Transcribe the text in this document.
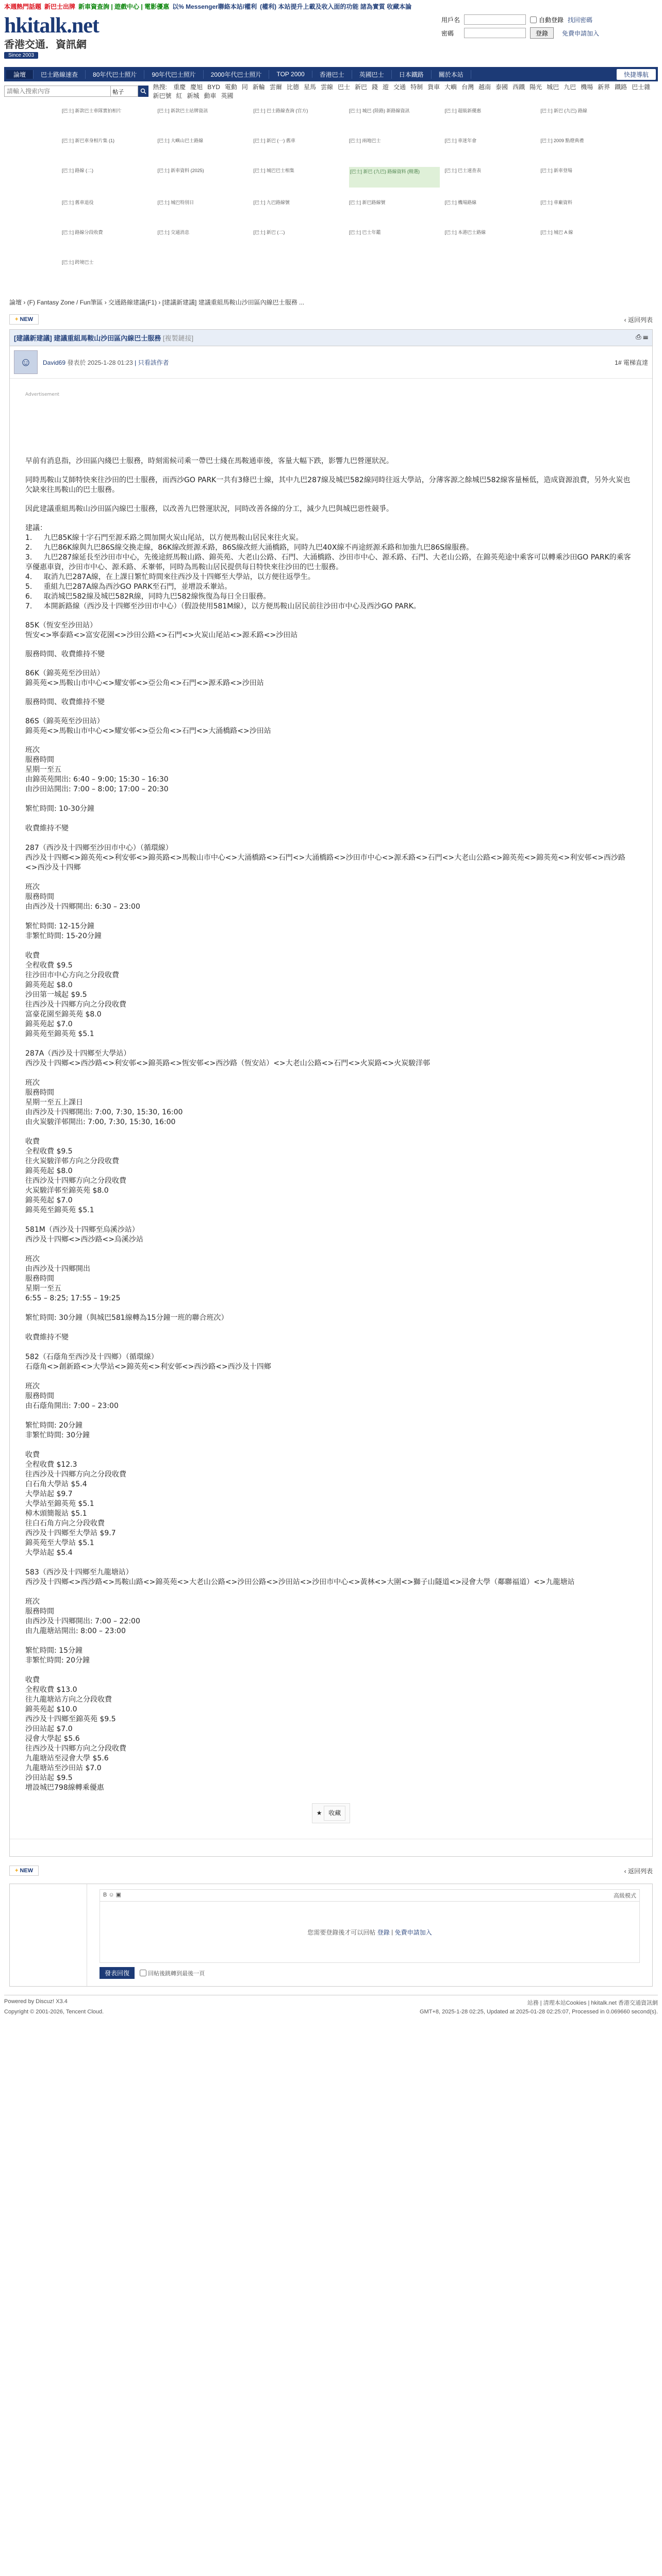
本週熱門話題 新巴士出牌 新車資查詢 | 遊戲中心 | 電影優惠 以% Messenger聯絡本站/權利 (權利) 本站提升上載及收入面的功能 諸為實質 收藏本論
hkitalk.net
香港交通．資訊網
Since 2003
用戶名	自動登錄 找回密碼
密碼	登錄	免費申請加入
論壇	巴士路線速查	80年代巴士照片	90年代巴士照片	2000年代巴士照片	TOP 2000	香港巴士	英國巴士	日本鐵路	關於本站	快捷導航
請輸入搜索內容
帖子
熱搜: 重慶 慶旭 BYD 電動 同 新輪 雲爾 比德 星馬 雲線 巴士 新巴 錢 遊 交通 特制 貨車 大嶼 台灣 越南 泰國 西鐵 陽光 城巴 九巴 機場 新界 鐵路 巴士雜新巴號 紅 新城 動車 英國
[巴士] 新款巴士車隊實拍相片	[巴士] 新款巴士站牌資訊	[巴士] 巴士路線查詢 (官方)	[巴士] 城巴 (陸路) 新路線資訊	[巴士] 超級新優惠	[巴士] 新巴 (九巴) 路線
[巴士] 新巴車身相片集 (1)	[巴士] 大嶼山巴士路線	[巴士] 新巴 (一) 舊車	[巴士] 兩地巴士	[巴士] 車迷年會	[巴士] 2009 點燈典禮
[巴士] 路線 (二)	[巴士] 新車資料 (2025)	[巴士] 城巴巴士相集	[巴士] 新巴 (九巴) 路線資料 (精選)	[巴士] 巴士速查表	[巴士] 新車登場
[巴士] 舊車退役	[巴士] 城巴特別日	[巴士] 九巴路線號	[巴士] 新巴路線號	[巴士] 機場路線	[巴士] 車廠資料
[巴士] 路線分段收費	[巴士] 交通消息	[巴士] 新巴 (二)	[巴士] 巴士年鑑	[巴士] 本港巴士路線	[巴士] 城巴 A 線
[巴士] 跨境巴士
論壇 › (F) Fantasy Zone / Fun筆區 › 交通路線建議(F1) › [建議新建議] 建議重組馬鞍山沙田區內線巴士服務 ...
+ NEW	‹ 返回列表
[建議新建議] 建議重組馬鞍山沙田區內線巴士服務 [複製鏈接]	⎙ ☰
☺	David69 發表於 2025-1-28 01:23 | 只看該作者	1# 電梯直達
Advertisement

早前有消息指，沙田區內綫巴士服務，時刻需候司乘一帶巴士綫在馬鞍通車後，客量大幅下跌，影響九巴營運狀況。

同時馬鞍山艾師特快來往沙田的巴士服務，而西沙GO PARK一共有3條巴士線，其中九巴287線及城巴582線同時往返大學站，分薄客源之餘城巴582線客量極低，造成資源浪費，另外火炭也欠缺來往馬鞍山的巴士服務。

因此建議重組馬鞍山沙田區內線巴士服務，以改善九巴營運狀況，同時改善各線的分工，減少九巴與城巴惡性競爭。

建議：

1.	九巴85K線十字石門至源禾路之間加開火炭山尾站，以方便馬鞍山居民來往火炭。

2.	九巴86K線與九巴86S線交換走線，86K線改經源禾路，86S線改經大涌橋路，同時九巴40X線不再途經源禾路和加強九巴86S線服務。

3.	九巴287線延長至沙田市中心，先後途經馬鞍山路、錦英苑、大老山公路、石門、大涌橋路、沙田市中心、源禾路、石門、大老山公路，在錦英苑途中乘客可以轉乘沙田GO PARK的乘客享優惠車資，沙田市中心、源禾路、禾輋邨，同時為馬鞍山居民提供每日特快來往沙田的巴士服務。

4.	取消九巴287A線，在上課日繁忙時間來往西沙及十四鄉至大學站，以方便往返學生。

5.	重組九巴287A線為西沙GO PARK至石門，並增設禾輋站。

6.	取消城巴582線及城巴582R線，同時九巴582線恢復為每日全日服務。

7.	本開新路線（西沙及十四鄉至沙田市中心）（假設使用581M線），以方便馬鞍山居民前往沙田市中心及西沙GO PARK。

85K（恆安至沙田站）

恆安<>寧泰路<>富安花園<>沙田公路<>石門<>火炭山尾站<>源禾路<>沙田站

服務時間、收費維持不變

86K（錦英苑至沙田站）

錦英苑<>馬鞍山市中心<>耀安邨<>亞公角<>石門<>源禾路<>沙田站

服務時間、收費維持不變

86S（錦英苑至沙田站）

錦英苑<>馬鞍山市中心<>耀安邨<>亞公角<>石門<>大涌橋路<>沙田站

班次

服務時間

星期一至五

由錦英苑開出: 6:40 – 9:00; 15:30 – 16:30

由沙田站開出: 7:00 – 8:00; 17:00 – 20:30

繁忙時間: 10-30分鐘

收費維持不變

287（西沙及十四鄉至沙田市中心）（循環線）

西沙及十四鄉<>錦英苑<>利安邨<>錦英路<>馬鞍山市中心<>大涌橋路<>石門<>大涌橋路<>沙田市中心<>源禾路<>石門<>大老山公路<>錦英苑<>錦英苑<>利安邨<>西沙路<>西沙及十四鄉

班次

服務時間

由西沙及十四鄉開出: 6:30 – 23:00

繁忙時間: 12-15分鐘

非繁忙時間: 15-20分鐘

收費

全程收費 $9.5

往沙田市中心方向之分段收費

錦英苑起 $8.0

沙田第一城起 $9.5

往西沙及十四鄉方向之分段收費

富豪花園至錦英苑 $8.0

錦英苑起 $7.0

錦英苑至錦英苑 $5.1

287A（西沙及十四鄉至大學站）

西沙及十四鄉<>西沙路<>利安邨<>錦英路<>恆安邨<>西沙路（恆安站）<>大老山公路<>石門<>火炭路<>火炭駿洋邨

班次

服務時間

星期一至五上課日

由西沙及十四鄉開出: 7:00, 7:30, 15:30, 16:00

由火炭駿洋邨開出: 7:00, 7:30, 15:30, 16:00

收費

全程收費 $9.5

往火炭駿洋邨方向之分段收費

錦英苑起 $8.0

往西沙及十四鄉方向之分段收費

火炭駿洋邨至錦英苑 $8.0

錦英苑起 $7.0

錦英苑至錦英苑 $5.1

581M（西沙及十四鄉至烏溪沙站）

西沙及十四鄉<>西沙路<>烏溪沙站

班次

由西沙及十四鄉開出

服務時間

星期一至五

6:55 – 8:25; 17:55 – 19:25

繁忙時間: 30分鐘（與城巴581線轉為15分鐘一班的聯合班次）

收費維持不變

582（石蔭角至西沙及十四鄉）（循環線）

石蔭角<>創新路<>大學站<>錦英苑<>利安邨<>西沙路<>西沙及十四鄉

班次

服務時間

由石蔭角開出: 7:00 – 23:00

繁忙時間: 20分鐘

非繁忙時間: 30分鐘

收費

全程收費 $12.3

往西沙及十四鄉方向之分段收費

白石角大學站 $5.4

大學站起 $9.7

大學站至錦英苑 $5.1

樟木頭簡報站 $5.1

往白石角方向之分段收費

西沙及十四鄉至大學站 $9.7

錦英苑至大學站 $5.1

大學站起 $5.4

583（西沙及十四鄉至九龍塘站）

西沙及十四鄉<>西沙路<>馬鞍山路<>錦英苑<>大老山公路<>沙田公路<>沙田站<>沙田市中心<>黃林<>大圍<>獅子山隧道<>浸會大學（鄰聯福道）<>九龍塘站

班次

服務時間

由西沙及十四鄉開出: 7:00 – 22:00

由九龍塘站開出: 8:00 – 23:00

繁忙時間: 15分鐘

非繁忙時間: 20分鐘

收費

全程收費 $13.0

往九龍塘站方向之分段收費

錦英苑起 $10.0

西沙及十四鄉至錦英苑 $9.5

沙田站起 $7.0

浸會大學起 $5.6

往西沙及十四鄉方向之分段收費

九龍塘站至浸會大學 $5.6

九龍塘站至沙田站 $7.0

沙田站起 $9.5

增設城巴798線轉乘優惠

★ 收藏
+ NEW	‹ 返回列表
B ☺ ▣	高級模式
您需要登錄後才可以回帖
登錄
|
免費申請加入
發表回復
	回帖後跳轉到最後一頁
Powered by Discuz! X3.4	站務 | 清理本站Cookies | hkitalk.net 香港交通資訊網
Copyright © 2001-2026, Tencent Cloud.	GMT+8, 2025-1-28 02:25, Updated at 2025-01-28 02:25:07, Processed in 0.069660 second(s).
